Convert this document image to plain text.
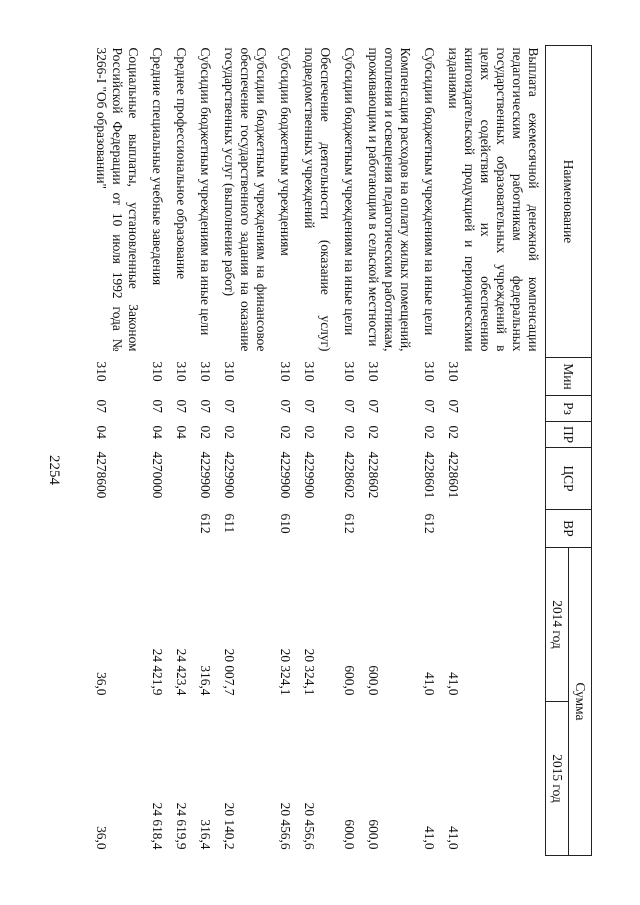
2254
Наименование	Мин	Рз	ПР	ЦСР	ВР	Сумма	
						2014 год	2015 год
Выплата ежемесячной денежной компенсации педагогическим работникам федеральных государственных образовательных учреждений в целях содействия их обеспечению книгоиздательской продукцией и периодическими изданиями	310	07	02	4228601		41,0	41,0
Субсидии бюджетным учреждениям на иные цели	310	07	02	4228601	612	41,0	41,0
Компенсация расходов на оплату жилых помещений, отопления и освещения педагогическим работникам, проживающим и работающим в сельской местности	310	07	02	4228602		600,0	600,0
Субсидии бюджетным учреждениям на иные цели	310	07	02	4228602	612	600,0	600,0
Обеспечение деятельности (оказание услуг) подведомственных учреждений	310	07	02	4229900		20 324,1	20 456,6
Субсидии бюджетным учреждениям	310	07	02	4229900	610	20 324,1	20 456,6
Субсидии бюджетным учреждениям на финансовое обеспечение государственного задания на оказание государственных услуг (выполнение работ)	310	07	02	4229900	611	20 007,7	20 140,2
Субсидии бюджетным учреждениям на иные цели	310	07	02	4229900	612	316,4	316,4
Среднее профессиональное образование	310	07	04			24 423,4	24 619,9
Средние специальные учебные заведения	310	07	04	4270000		24 421,9	24 618,4
Социальные выплаты, установленные Законом Российской Федерации от 10 июля 1992 года № 3266-I "Об образовании"	310	07	04	4278600		36,0	36,0
